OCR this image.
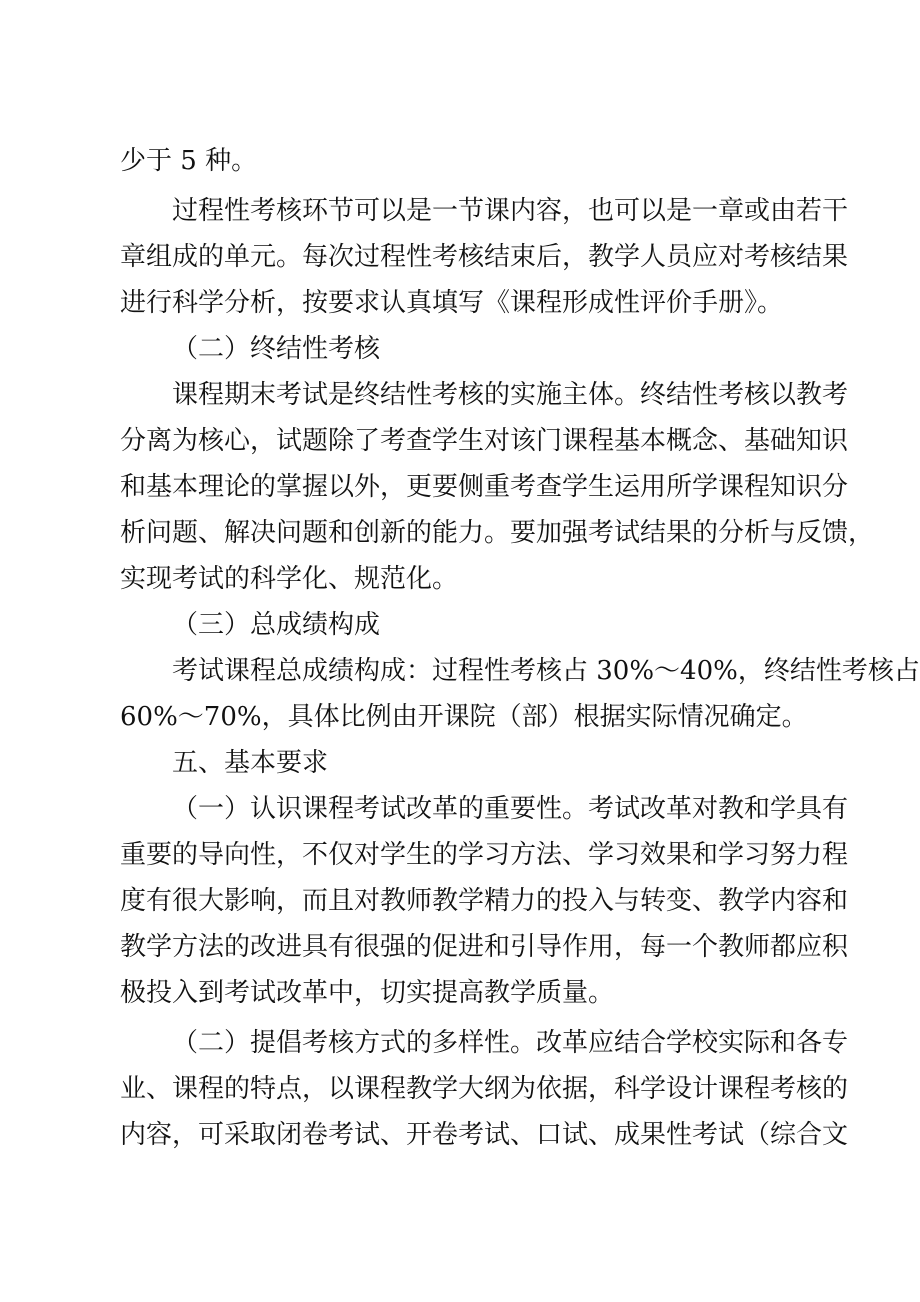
少于 5 种。
过程性考核环节可以是一节课内容，也可以是一章或由若干
章组成的单元。每次过程性考核结束后，教学人员应对考核结果
进行科学分析，按要求认真填写《课程形成性评价手册》。
（二）终结性考核
课程期末考试是终结性考核的实施主体。终结性考核以教考
分离为核心，试题除了考查学生对该门课程基本概念、基础知识
和基本理论的掌握以外，更要侧重考查学生运用所学课程知识分
析问题、解决问题和创新的能力。要加强考试结果的分析与反馈，
实现考试的科学化、规范化。
（三）总成绩构成
考试课程总成绩构成：过程性考核占 30%～40%，终结性考核占
60%～70%，具体比例由开课院（部）根据实际情况确定。
五、基本要求
（一）认识课程考试改革的重要性。考试改革对教和学具有
重要的导向性，不仅对学生的学习方法、学习效果和学习努力程
度有很大影响，而且对教师教学精力的投入与转变、教学内容和
教学方法的改进具有很强的促进和引导作用，每一个教师都应积
极投入到考试改革中，切实提高教学质量。
（二）提倡考核方式的多样性。改革应结合学校实际和各专
业、课程的特点，以课程教学大纲为依据，科学设计课程考核的
内容，可采取闭卷考试、开卷考试、口试、成果性考试（综合文
